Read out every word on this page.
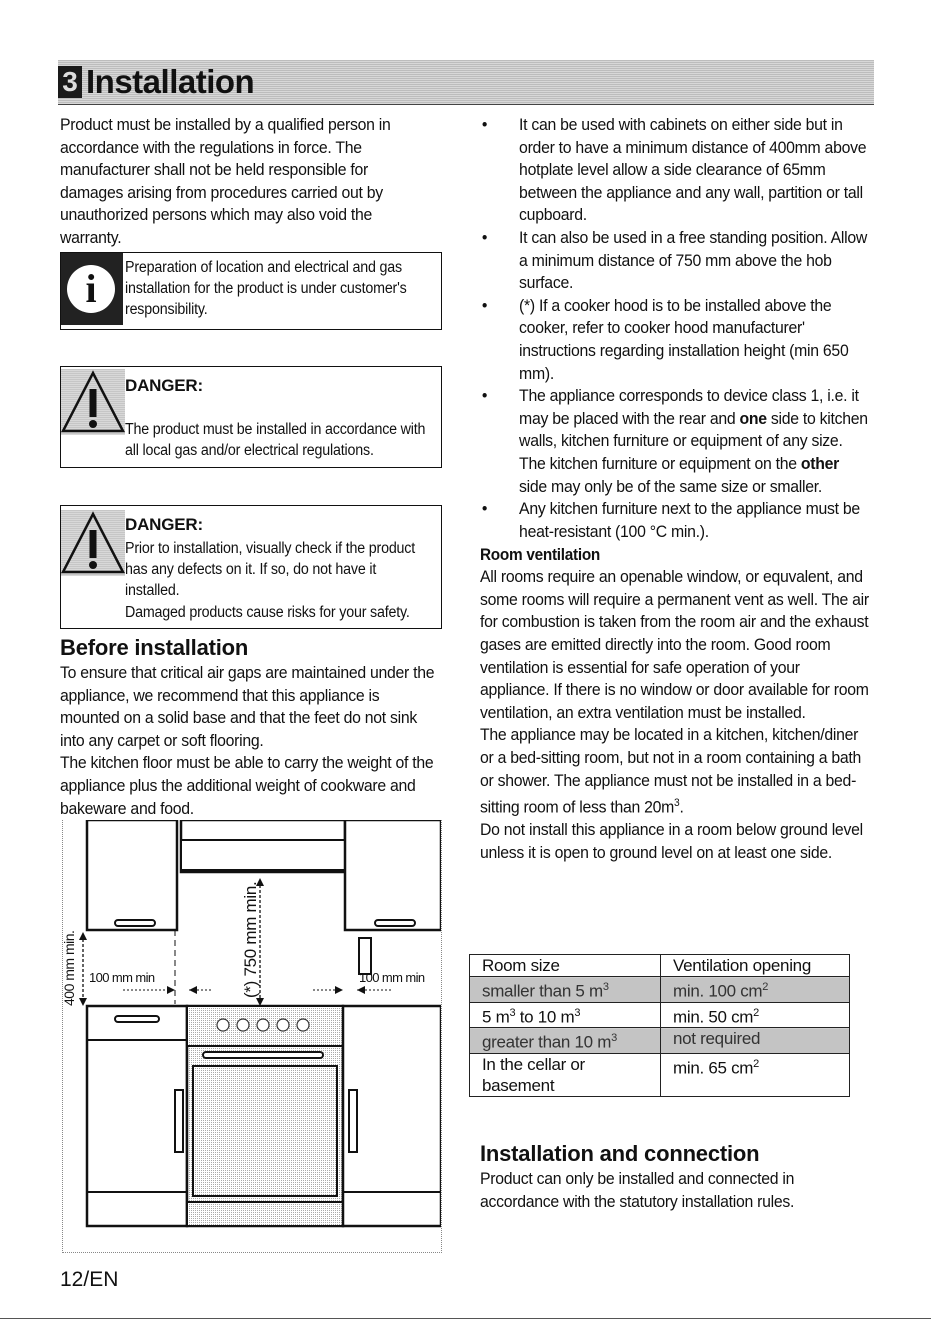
3 Installation
Product must be installed by a qualified person in accordance with the regulations in force. The manufacturer shall not be held responsible for damages arising from procedures carried out by unauthorized persons which may also void the warranty.
i	Preparation of location and electrical and gas installation for the product is under customer's responsibility.
DANGER:
The product must be installed in accordance with all local gas and/or electrical regulations.
DANGER:
Prior to installation, visually check if the product has any defects on it. If so, do not have it installed.
Damaged products cause risks for your safety.
Before installation
To ensure that critical air gaps are maintained under the appliance, we recommend that this appliance is mounted on a solid base and that the feet do not sink into any carpet or soft flooring.
The kitchen floor must be able to carry the weight of the appliance plus the additional weight of cookware and bakeware and food.
400 mm min. 100 mm min	(*) 750 mm min.	100 mm min
• It can be used with cabinets on either side but in order to have a minimum distance of 400mm above hotplate level allow a side clearance of 65mm between the appliance and any wall, partition or tall cupboard.
• It can also be used in a free standing position. Allow a minimum distance of 750 mm above the hob surface.
• (*) If a cooker hood is to be installed above the cooker, refer to cooker hood manufacturer' instructions regarding installation height (min 650 mm).
• The appliance corresponds to device class 1, i.e. it may be placed with the rear and one side to kitchen walls, kitchen furniture or equipment of any size. The kitchen furniture or equipment on the other side may only be of the same size or smaller.
• Any kitchen furniture next to the appliance must be heat-resistant (100 °C min.).
Room ventilation
All rooms require an openable window, or equvalent, and some rooms will require a permanent vent as well. The air for combustion is taken from the room air and the exhaust gases are emitted directly into the room. Good room ventilation is essential for safe operation of your appliance. If there is no window or door available for room ventilation, an extra ventilation must be installed.
The appliance may be located in a kitchen, kitchen/diner or a bed-sitting room, but not in a room containing a bath or shower. The appliance must not be installed in a bed-sitting room of less than $20m^3$.
Do not install this appliance in a room below ground level unless it is open to ground level on at least one side.
Room size	Ventilation opening
smaller than 5 $m^3$	min. 100 $cm^2$
5 $m^3$ to 10 $m^3$	min. 50 $cm^2$
greater than 10 $m^3$	not required

In the cellar or basement	min. 65 $cm^2$
Installation and connection
Product can only be installed and connected in accordance with the statutory installation rules.
12/EN
